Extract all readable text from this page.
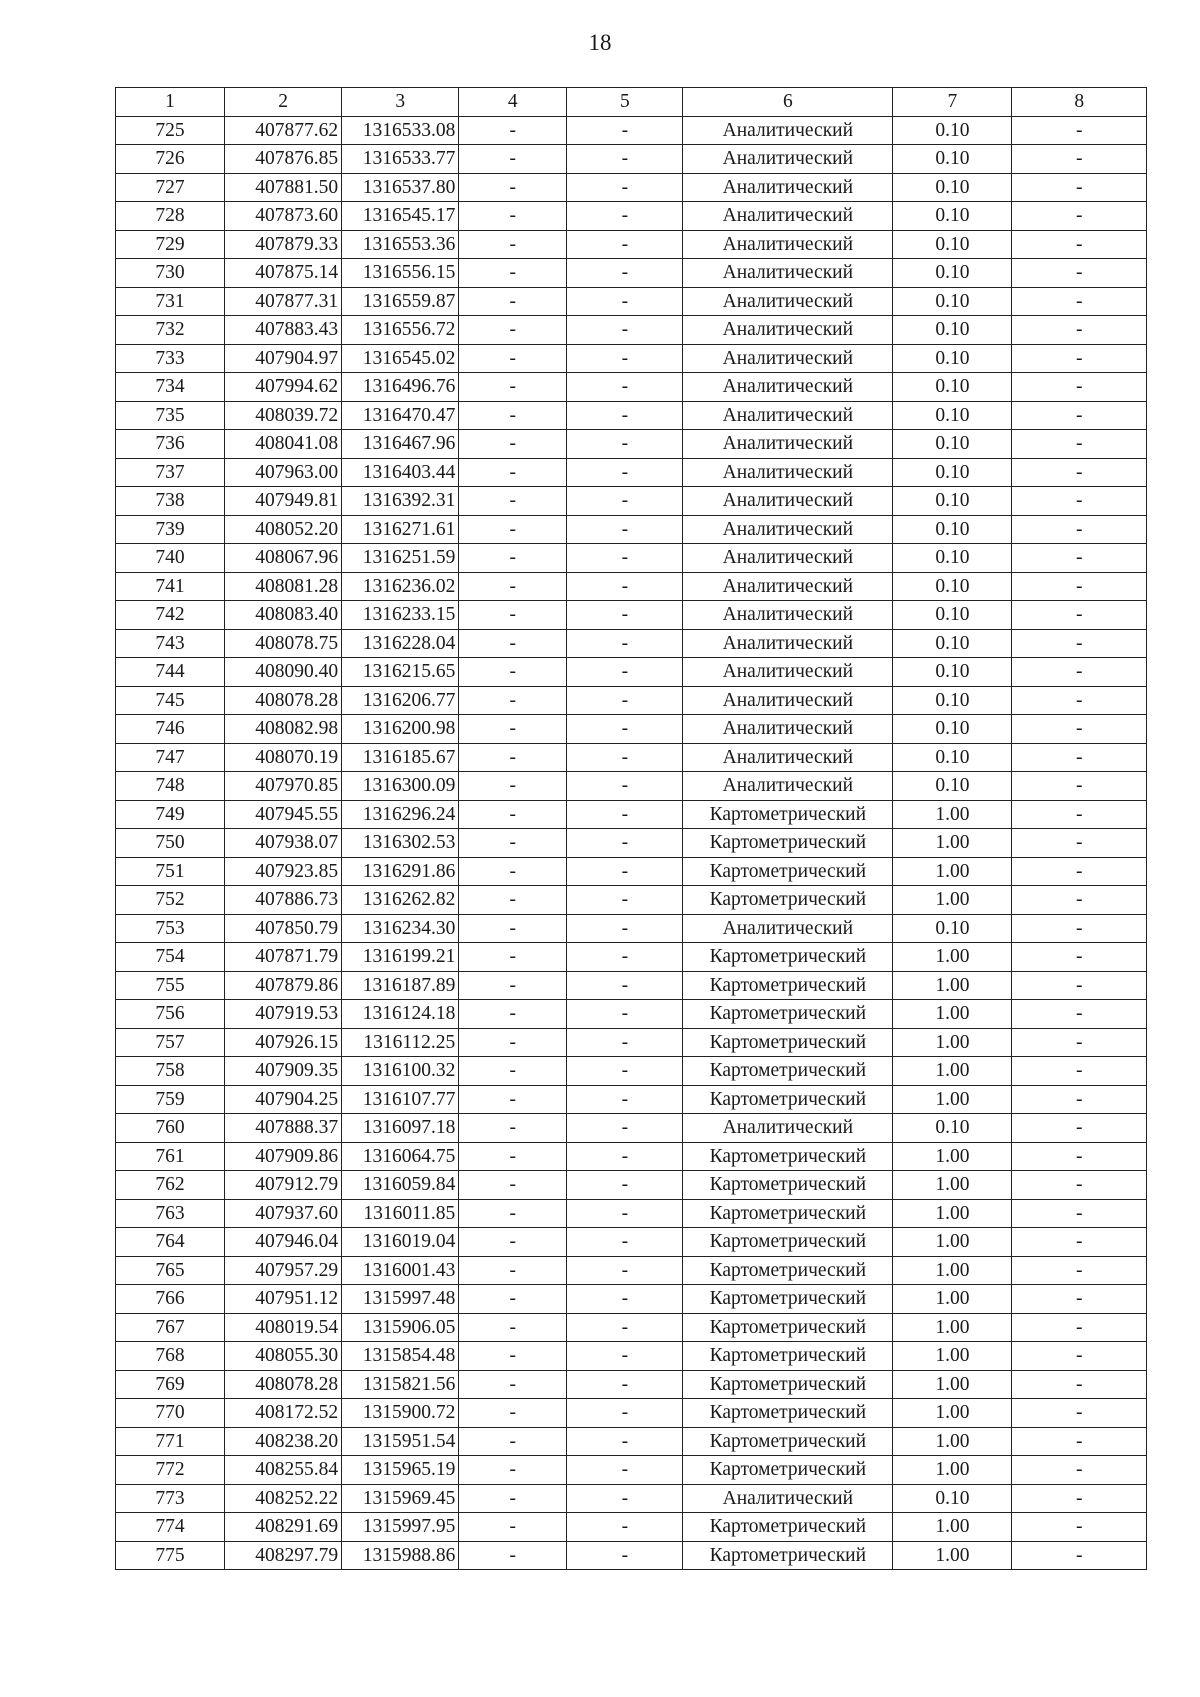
18
1	2	3	4	5	6	7	8
725	407877.62	1316533.08	-	-	Аналитический	0.10	-
726	407876.85	1316533.77	-	-	Аналитический	0.10	-
727	407881.50	1316537.80	-	-	Аналитический	0.10	-
728	407873.60	1316545.17	-	-	Аналитический	0.10	-
729	407879.33	1316553.36	-	-	Аналитический	0.10	-
730	407875.14	1316556.15	-	-	Аналитический	0.10	-
731	407877.31	1316559.87	-	-	Аналитический	0.10	-
732	407883.43	1316556.72	-	-	Аналитический	0.10	-
733	407904.97	1316545.02	-	-	Аналитический	0.10	-
734	407994.62	1316496.76	-	-	Аналитический	0.10	-
735	408039.72	1316470.47	-	-	Аналитический	0.10	-
736	408041.08	1316467.96	-	-	Аналитический	0.10	-
737	407963.00	1316403.44	-	-	Аналитический	0.10	-
738	407949.81	1316392.31	-	-	Аналитический	0.10	-
739	408052.20	1316271.61	-	-	Аналитический	0.10	-
740	408067.96	1316251.59	-	-	Аналитический	0.10	-
741	408081.28	1316236.02	-	-	Аналитический	0.10	-
742	408083.40	1316233.15	-	-	Аналитический	0.10	-
743	408078.75	1316228.04	-	-	Аналитический	0.10	-
744	408090.40	1316215.65	-	-	Аналитический	0.10	-
745	408078.28	1316206.77	-	-	Аналитический	0.10	-
746	408082.98	1316200.98	-	-	Аналитический	0.10	-
747	408070.19	1316185.67	-	-	Аналитический	0.10	-
748	407970.85	1316300.09	-	-	Аналитический	0.10	-
749	407945.55	1316296.24	-	-	Картометрический	1.00	-
750	407938.07	1316302.53	-	-	Картометрический	1.00	-
751	407923.85	1316291.86	-	-	Картометрический	1.00	-
752	407886.73	1316262.82	-	-	Картометрический	1.00	-
753	407850.79	1316234.30	-	-	Аналитический	0.10	-
754	407871.79	1316199.21	-	-	Картометрический	1.00	-
755	407879.86	1316187.89	-	-	Картометрический	1.00	-
756	407919.53	1316124.18	-	-	Картометрический	1.00	-
757	407926.15	1316112.25	-	-	Картометрический	1.00	-
758	407909.35	1316100.32	-	-	Картометрический	1.00	-
759	407904.25	1316107.77	-	-	Картометрический	1.00	-
760	407888.37	1316097.18	-	-	Аналитический	0.10	-
761	407909.86	1316064.75	-	-	Картометрический	1.00	-
762	407912.79	1316059.84	-	-	Картометрический	1.00	-
763	407937.60	1316011.85	-	-	Картометрический	1.00	-
764	407946.04	1316019.04	-	-	Картометрический	1.00	-
765	407957.29	1316001.43	-	-	Картометрический	1.00	-
766	407951.12	1315997.48	-	-	Картометрический	1.00	-
767	408019.54	1315906.05	-	-	Картометрический	1.00	-
768	408055.30	1315854.48	-	-	Картометрический	1.00	-
769	408078.28	1315821.56	-	-	Картометрический	1.00	-
770	408172.52	1315900.72	-	-	Картометрический	1.00	-
771	408238.20	1315951.54	-	-	Картометрический	1.00	-
772	408255.84	1315965.19	-	-	Картометрический	1.00	-
773	408252.22	1315969.45	-	-	Аналитический	0.10	-
774	408291.69	1315997.95	-	-	Картометрический	1.00	-
775	408297.79	1315988.86	-	-	Картометрический	1.00	-
